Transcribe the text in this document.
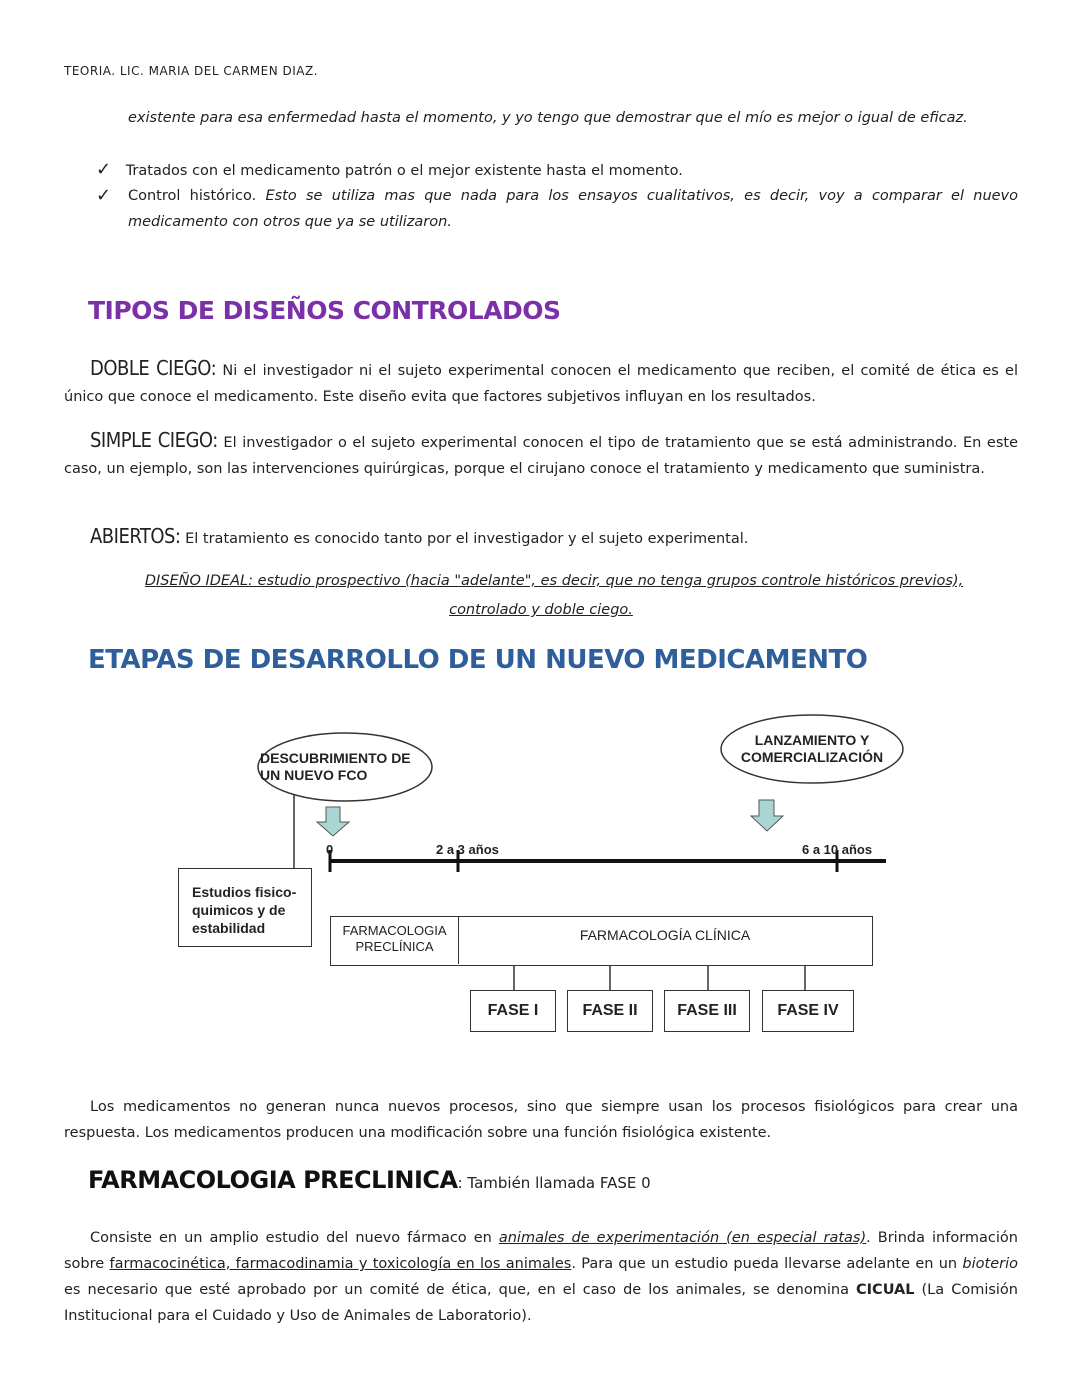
TEORIA. LIC. MARIA DEL CARMEN DIAZ.
existente para esa enfermedad hasta el momento, y yo tengo que demostrar que el mío es mejor o igual de eficaz.
✓ Tratados con el medicamento patrón o el mejor existente hasta el momento.
✓ Control histórico. Esto se utiliza mas que nada para los ensayos cualitativos, es decir, voy a comparar el nuevo medicamento con otros que ya se utilizaron.
TIPOS DE DISEÑOS CONTROLADOS
DOBLE CIEGO: Ni el investigador ni el sujeto experimental conocen el medicamento que reciben, el comité de ética es el único que conoce el medicamento. Este diseño evita que factores subjetivos influyan en los resultados.
SIMPLE CIEGO: El investigador o el sujeto experimental conocen el tipo de tratamiento que se está administrando. En este caso, un ejemplo, son las intervenciones quirúrgicas, porque el cirujano conoce el tratamiento y medicamento que suministra.
ABIERTOS: El tratamiento es conocido tanto por el investigador y el sujeto experimental.
DISEÑO IDEAL: estudio prospectivo (hacia "adelante", es decir, que no tenga grupos controle históricos previos),
controlado y doble ciego.
ETAPAS DE DESARROLLO DE UN NUEVO MEDICAMENTO
DESCUBRIMIENTO DE UN NUEVO FCO
LANZAMIENTO Y COMERCIALIZACIÓN
0	2 a 3 años	6 a 10 años
Estudios fisico-quimicos y de estabilidad	FARMACOLOGIA PRECLÍNICA
FARMACOLOGÍA CLÍNICA
FASE I	FASE II	FASE III	FASE IV
Los medicamentos no generan nunca nuevos procesos, sino que siempre usan los procesos fisiológicos para crear una respuesta. Los medicamentos producen una modificación sobre una función fisiológica existente.
FARMACOLOGIA PRECLINICA: También llamada FASE 0
Consiste en un amplio estudio del nuevo fármaco en animales de experimentación (en especial ratas). Brinda información sobre farmacocinética, farmacodinamia y toxicología en los animales. Para que un estudio pueda llevarse adelante en un bioterio es necesario que esté aprobado por un comité de ética, que, en el caso de los animales, se denomina CICUAL (La Comisión Institucional para el Cuidado y Uso de Animales de Laboratorio).
